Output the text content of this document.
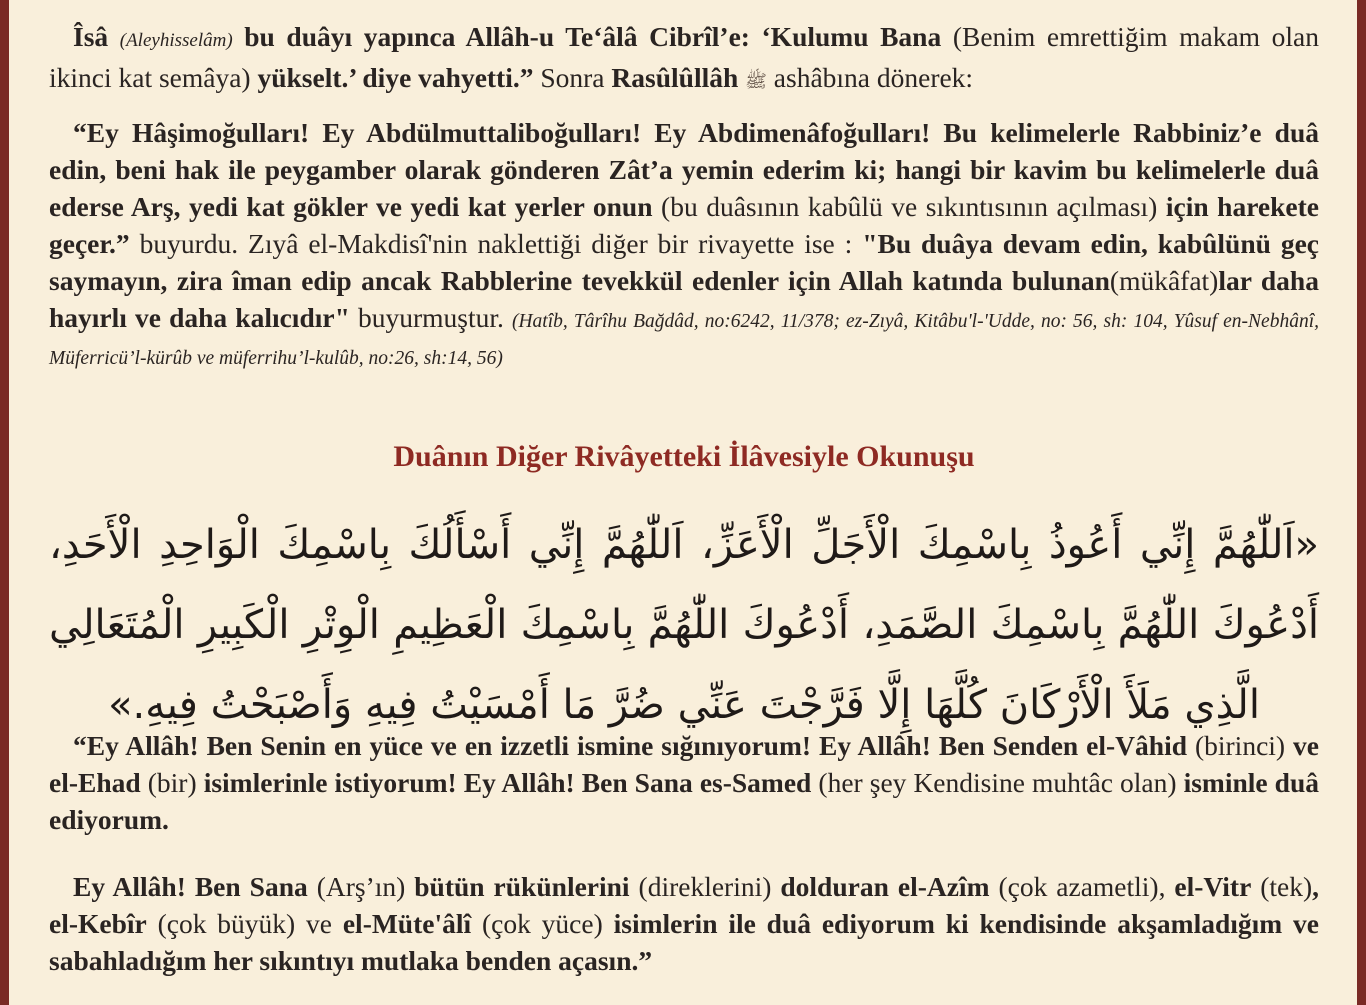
Îsâ (Aleyhisselâm) bu duâyı yapınca Allâh-u Te‘âlâ Cibrîl’e: ‘Kulumu Bana (Benim emrettiğim makam olan ikinci kat semâya) yükselt.’ diye vahyetti.” Sonra Rasûlûllâh ﷺ ashâbına dönerek:

“Ey Hâşimoğulları! Ey Abdülmuttaliboğulları! Ey Abdimenâfoğulları! Bu kelimelerle Rabbiniz’e duâ edin, beni hak ile peygamber olarak gönderen Zât’a yemin ederim ki; hangi bir kavim bu kelimelerle duâ ederse Arş, yedi kat gökler ve yedi kat yerler onun (bu duâsının kabûlü ve sıkıntısının açılması) için harekete geçer.” buyurdu. Zıyâ el-Makdisî'nin naklettiği diğer bir rivayette ise : "Bu duâya devam edin, kabûlünü geç saymayın, zira îman edip ancak Rabblerine tevekkül edenler için Allah katında bulunan(mükâfat)lar daha hayırlı ve daha kalıcıdır" buyurmuştur. (Hatîb, Târîhu Bağdâd, no:6242, 11/378; ez-Zıyâ, Kitâbu'l-'Udde, no: 56, sh: 104, Yûsuf en-Nebhânî, Müferricü’l-kürûb ve müferrihu’l-kulûb, no:26, sh:14, 56)

Duânın Diğer Rivâyetteki İlâvesiyle Okunuşu

«اَللّٰهُمَّ إِنِّي أَعُوذُ بِاسْمِكَ الْأَجَلِّ الْأَعَزِّ، اَللّٰهُمَّ إِنِّي أَسْأَلُكَ بِاسْمِكَ الْوَاحِدِ الْأَحَدِ، أَدْعُوكَ اللّٰهُمَّ بِاسْمِكَ الصَّمَدِ، أَدْعُوكَ اللّٰهُمَّ بِاسْمِكَ الْعَظِيمِ الْوِتْرِ الْكَبِيرِ الْمُتَعَالِي الَّذِي مَلَأَ الْأَرْكَانَ كُلَّهَا إِلَّا فَرَّجْتَ عَنِّي ضُرَّ مَا أَمْسَيْتُ فِيهِ وَأَصْبَحْتُ فِيهِ.»

“Ey Allâh! Ben Senin en yüce ve en izzetli ismine sığınıyorum! Ey Allâh! Ben Senden el-Vâhid (birinci) ve el-Ehad (bir) isimlerinle istiyorum! Ey Allâh! Ben Sana es-Samed (her şey Kendisine muhtâc olan) isminle duâ ediyorum.

Ey Allâh! Ben Sana (Arş’ın) bütün rükünlerini (direklerini) dolduran el-Azîm (çok azametli), el-Vitr (tek), el-Kebîr (çok büyük) ve el-Müte'âlî (çok yüce) isimlerin ile duâ ediyorum ki kendisinde akşamladığım ve sabahladığım her sıkıntıyı mutlaka benden açasın.”
